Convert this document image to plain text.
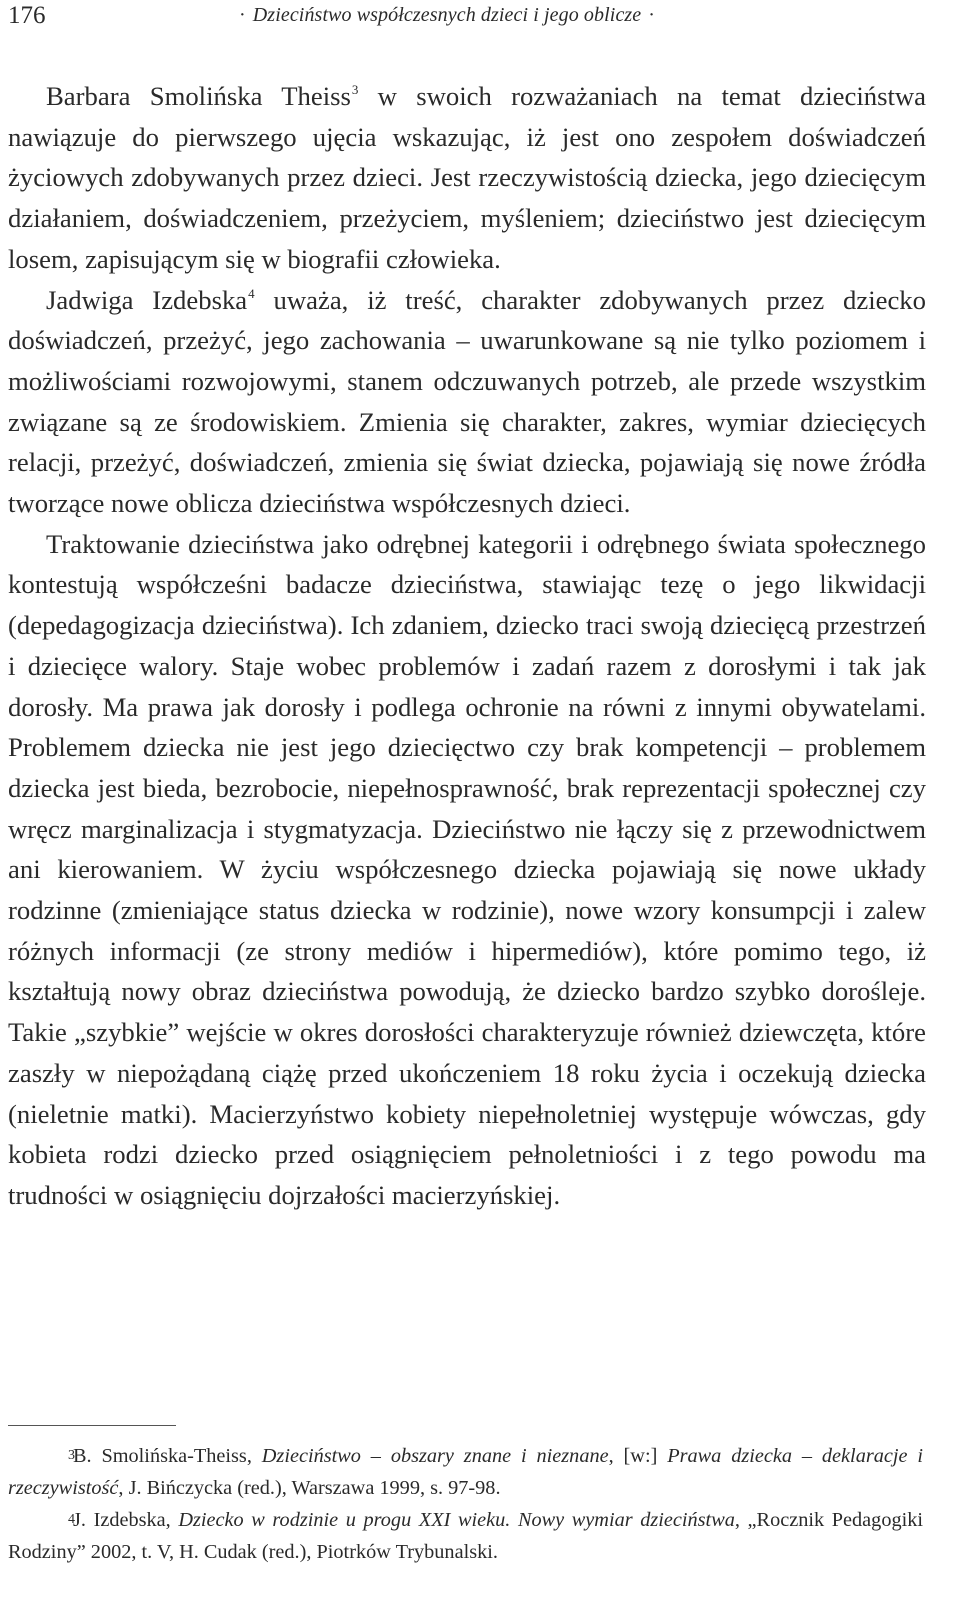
176	· Dzieciństwo współczesnych dzieci i jego oblicze ·

Barbara Smolińska Theiss$^3$ w swoich rozważaniach na temat dzieciństwa nawiązuje do pierwszego ujęcia wskazując, iż jest ono zespołem doświadczeń życiowych zdobywanych przez dzieci. Jest rzeczywistością dziecka, jego dziecięcym działaniem, doświadczeniem, przeżyciem, myśleniem; dzieciństwo jest dziecięcym losem, zapisującym się w biografii człowieka.

Jadwiga Izdebska$^4$ uważa, iż treść, charakter zdobywanych przez dziecko doświadczeń, przeżyć, jego zachowania – uwarunkowane są nie tylko poziomem i możliwościami rozwojowymi, stanem odczuwanych potrzeb, ale przede wszystkim związane są ze środowiskiem. Zmienia się charakter, zakres, wymiar dziecięcych relacji, przeżyć, doświadczeń, zmienia się świat dziecka, pojawiają się nowe źródła tworzące nowe oblicza dzieciństwa współczesnych dzieci.

Traktowanie dzieciństwa jako odrębnej kategorii i odrębnego świata społecznego kontestują współcześni badacze dzieciństwa, stawiając tezę o jego likwidacji (depedagogizacja dzieciństwa). Ich zdaniem, dziecko traci swoją dziecięcą przestrzeń i dziecięce walory. Staje wobec problemów i zadań razem z dorosłymi i tak jak dorosły. Ma prawa jak dorosły i podlega ochronie na równi z innymi obywatelami. Problemem dziecka nie jest jego dziecięctwo czy brak kompetencji – problemem dziecka jest bieda, bezrobocie, niepełnosprawność, brak reprezentacji społecznej czy wręcz marginalizacja i stygmatyzacja. Dzieciństwo nie łączy się z przewodnictwem ani kierowaniem. W życiu współczesnego dziecka pojawiają się nowe układy rodzinne (zmieniające status dziecka w rodzinie), nowe wzory konsumpcji i zalew różnych informacji (ze strony mediów i hipermediów), które pomimo tego, iż kształtują nowy obraz dzieciństwa powodują, że dziecko bardzo szybko dorośleje. Takie „szybkie” wejście w okres dorosłości charakteryzuje również dziewczęta, które zaszły w niepożądaną ciążę przed ukończeniem 18 roku życia i oczekują dziecka (nieletnie matki). Macierzyństwo kobiety niepełnoletniej występuje wówczas, gdy kobieta rodzi dziecko przed osiągnięciem pełnoletniości i z tego powodu ma trudności w osiągnięciu dojrzałości macierzyńskiej.

3B. Smolińska-Theiss, Dzieciństwo – obszary znane i nieznane, [w:] Prawa dziecka – deklaracje i rzeczywistość, J. Bińczycka (red.), Warszawa 1999, s. 97-98.

4J. Izdebska, Dziecko w rodzinie u progu XXI wieku. Nowy wymiar dzieciństwa, „Rocznik Pedagogiki Rodziny” 2002, t. V, H. Cudak (red.), Piotrków Trybunalski.
